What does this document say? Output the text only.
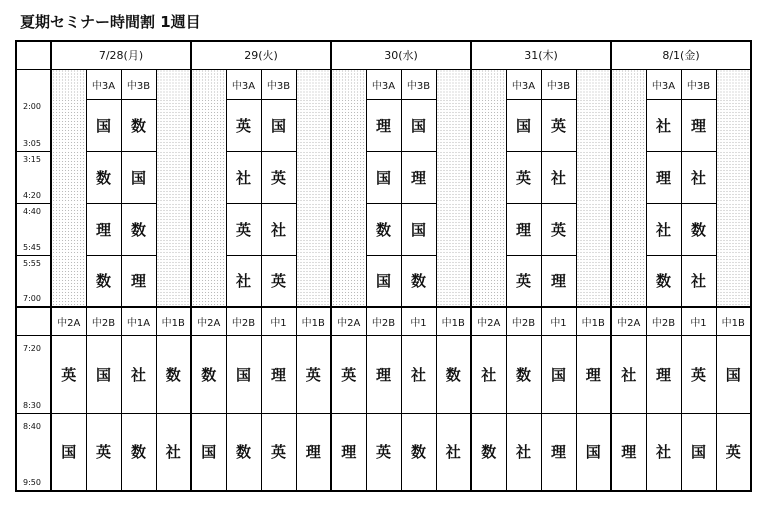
夏期セミナー時間割 1週目
	7/28(月)				29(火)				30(水)				31(木)				8/1(金)			
		中3A	中3B			中3A	中3B			中3A	中3B			中3A	中3B			中3A	中3B	

2:00
3:05		国	数			英	国			理	国			国	英			社	理	

3:15
4:20		数	国			社	英			国	理			英	社			理	社	

4:40
5:45		理	数			英	社			数	国			理	英			社	数	

5:55
7:00		数	理			社	英			国	数			英	理			数	社	
	中2A	中2B	中1A	中1B	中2A	中2B	中1	中1B	中2A	中2B	中1	中1B	中2A	中2B	中1	中1B	中2A	中2B	中1	中1B

7:20
8:30	英	国	社	数	数	国	理	英	英	理	社	数	社	数	国	理	社	理	英	国

8:40
9:50	国	英	数	社	国	数	英	理	理	英	数	社	数	社	理	国	理	社	国	英
